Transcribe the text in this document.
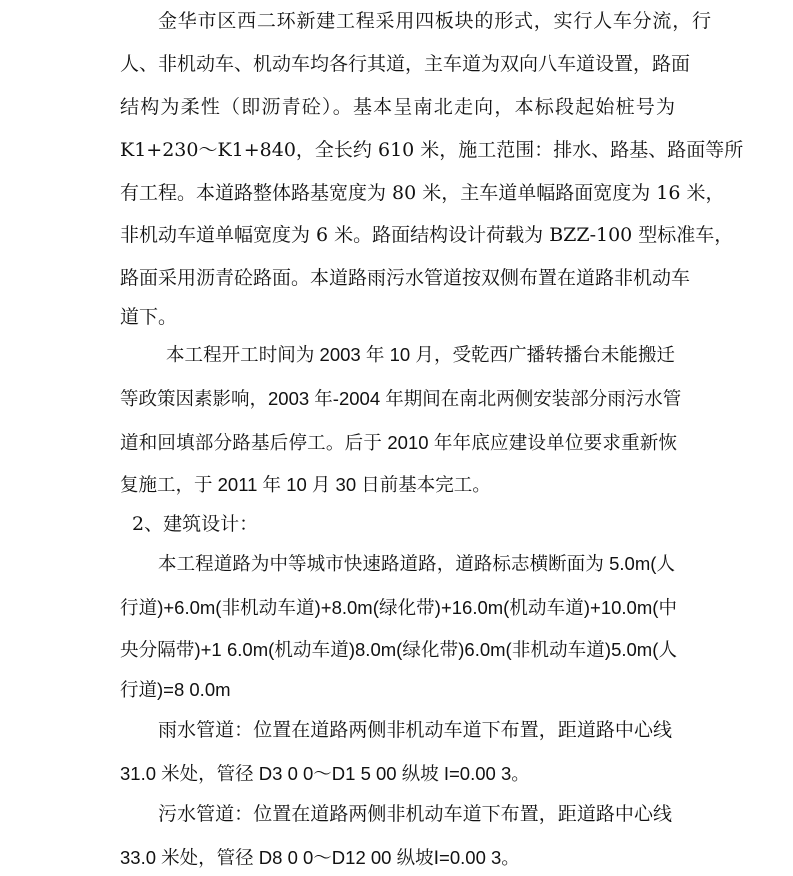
金华市区西二环新建工程采用四板块的形式，实行人车分流，行
人、非机动车、机动车均各行其道，主车道为双向八车道设置，路面
结构为柔性（即沥青砼）。基本呈南北走向，本标段起始桩号为
K1+230～K1+840，全长约 610 米，施工范围：排水、路基、路面等所
有工程。本道路整体路基宽度为 80 米，主车道单幅路面宽度为 16 米，
非机动车道单幅宽度为 6 米。路面结构设计荷载为 BZZ-100 型标准车，
路面采用沥青砼路面。本道路雨污水管道按双侧布置在道路非机动车
道下。
本工程开工时间为 2003 年 10 月，受乾西广播转播台未能搬迁
等政策因素影响，2003 年-2004 年期间在南北两侧安装部分雨污水管
道和回填部分路基后停工。后于 2010 年年底应建设单位要求重新恢
复施工，于 2011 年 10 月 30 日前基本完工。
2、建筑设计：
本工程道路为中等城市快速路道路，道路标志横断面为 5.0m(人
行道)+6.0m(非机动车道)+8.0m(绿化带)+16.0m(机动车道)+10.0m(中
央分隔带)+1 6.0m(机动车道)8.0m(绿化带)6.0m(非机动车道)5.0m(人
行道)=8 0.0m
雨水管道：位置在道路两侧非机动车道下布置，距道路中心线
31.0 米处，管径 D3 0 0～D1 5 00 纵坡 I=0.00 3。
污水管道：位置在道路两侧非机动车道下布置，距道路中心线
33.0 米处，管径 D8 0 0～D12 00 纵坡Ⅰ=0.00 3。
